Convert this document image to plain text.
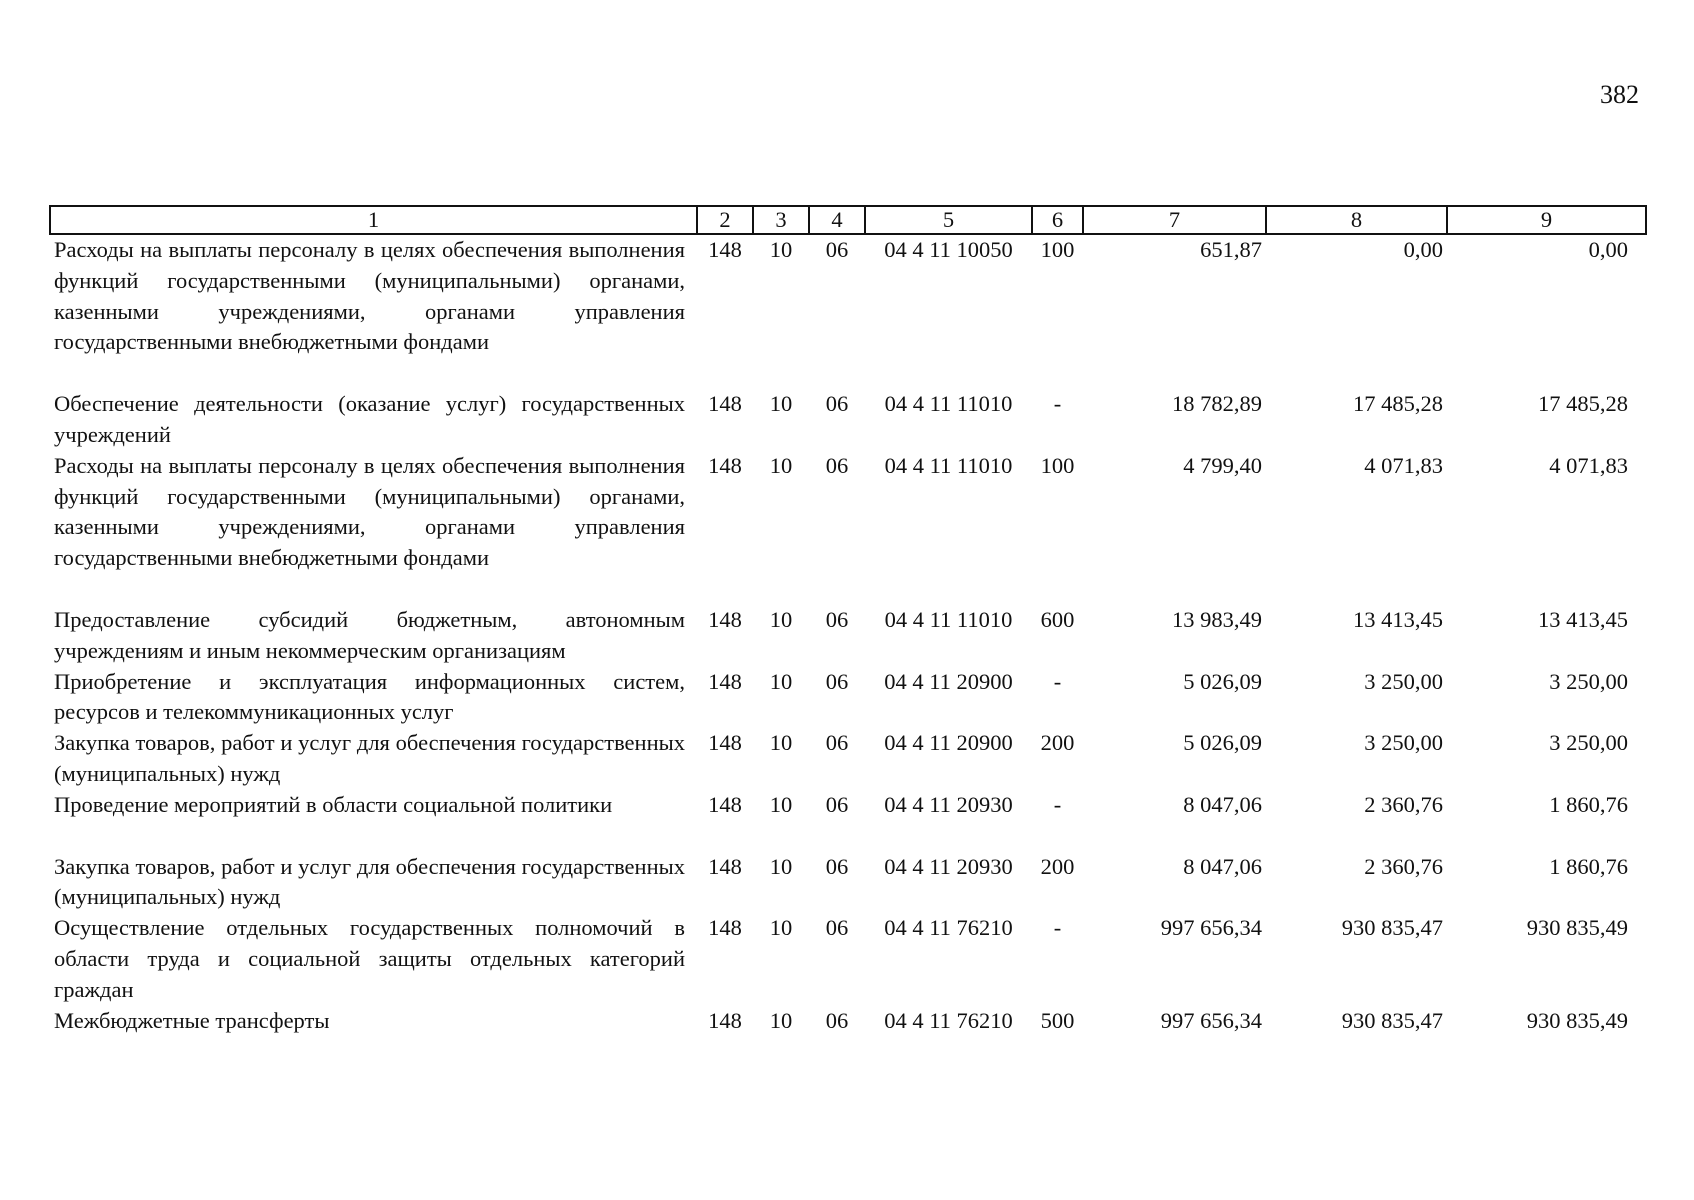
382
1	2	3	4	5	6	7	8	9
Расходы на выплаты персоналу в целях обеспечения выполнения функций государственными (муниципальными) органами, казенными учреждениями, органами управления государственными внебюджетными фондами	148	10	06	04 4 11 10050	100	651,87	0,00	0,00
Обеспечение деятельности (оказание услуг) государственных учреждений	148	10	06	04 4 11 11010	-	18 782,89	17 485,28	17 485,28
Расходы на выплаты персоналу в целях обеспечения выполнения функций государственными (муниципальными) органами, казенными учреждениями, органами управления государственными внебюджетными фондами	148	10	06	04 4 11 11010	100	4 799,40	4 071,83	4 071,83
Предоставление субсидий бюджетным, автономным учреждениям и иным некоммерческим организациям	148	10	06	04 4 11 11010	600	13 983,49	13 413,45	13 413,45
Приобретение и эксплуатация информационных систем, ресурсов и телекоммуникационных услуг	148	10	06	04 4 11 20900	-	5 026,09	3 250,00	3 250,00
Закупка товаров, работ и услуг для обеспечения государственных (муниципальных) нужд	148	10	06	04 4 11 20900	200	5 026,09	3 250,00	3 250,00
Проведение мероприятий в области социальной политики	148	10	06	04 4 11 20930	-	8 047,06	2 360,76	1 860,76
Закупка товаров, работ и услуг для обеспечения государственных (муниципальных) нужд	148	10	06	04 4 11 20930	200	8 047,06	2 360,76	1 860,76
Осуществление отдельных государственных полномочий в области труда и социальной защиты отдельных категорий граждан	148	10	06	04 4 11 76210	-	997 656,34	930 835,47	930 835,49
Межбюджетные трансферты	148	10	06	04 4 11 76210	500	997 656,34	930 835,47	930 835,49
